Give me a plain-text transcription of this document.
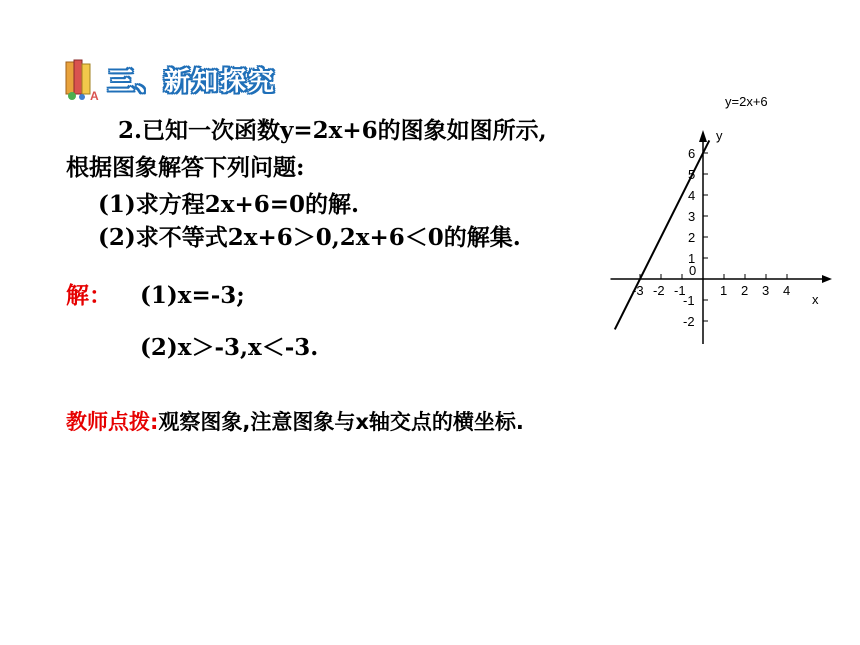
A 三、新知探究
2.已知一次函数y=2x+6的图象如图所示,
根据图象解答下列问题:
(1)求方程2x+6=0的解.
(2)求不等式2x+6＞0,2x+6＜0的解集.
解： (1)x=-3;
(2)x＞-3,x＜-3.
教师点拨:观察图象,注意图象与x轴交点的横坐标.
-3 -2 -1	1 2 3 4
6
5
4
3
2
1
-1
-2
0
x
y
y=2x+6
